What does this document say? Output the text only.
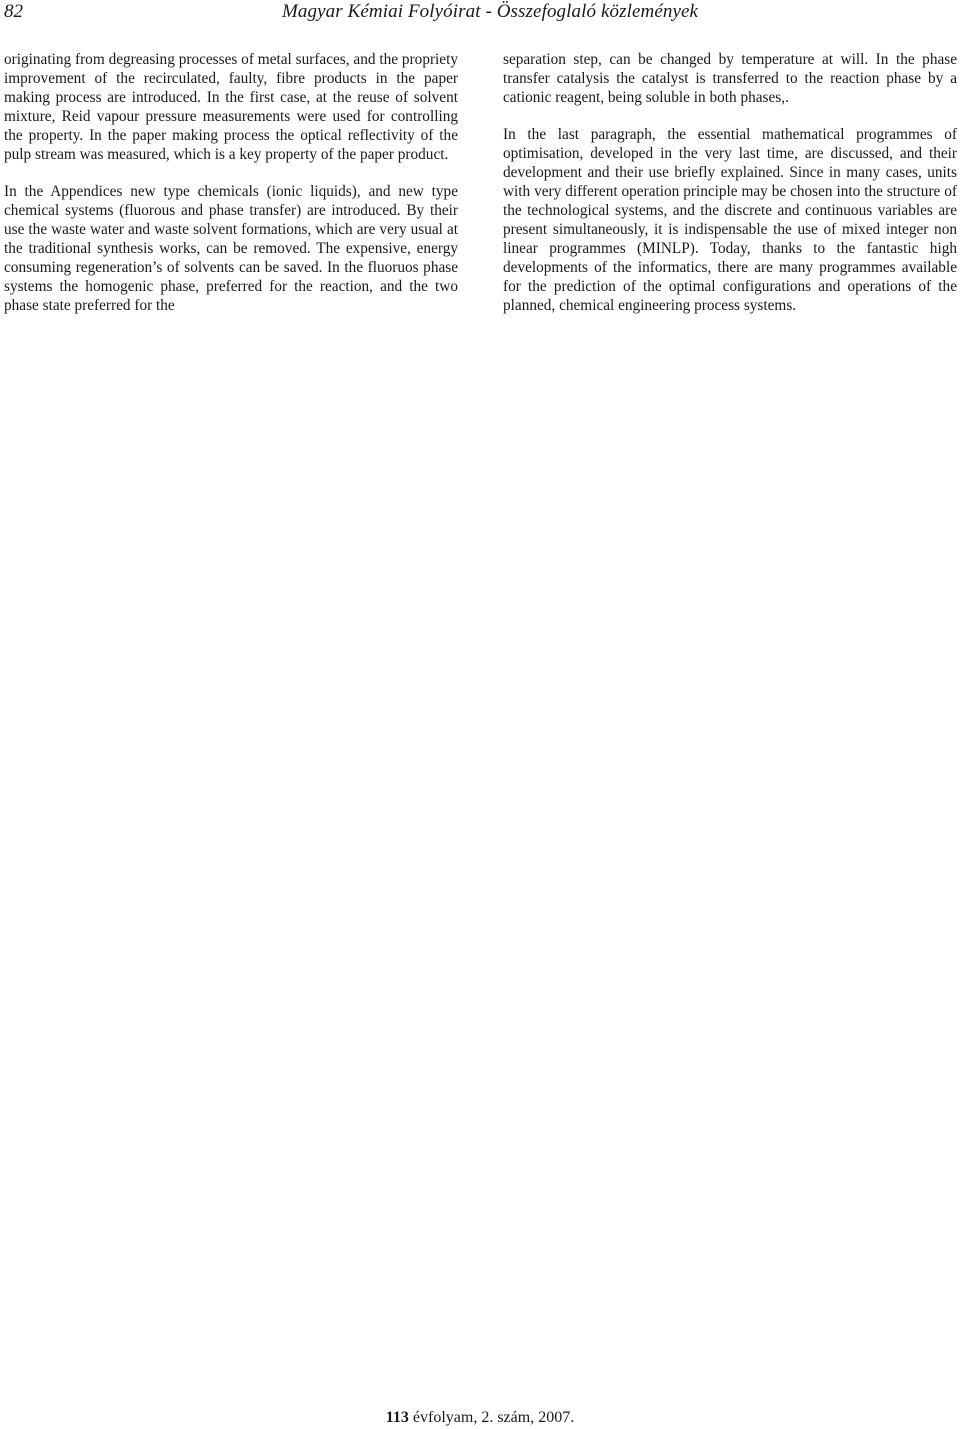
82	Magyar Kémiai Folyóirat - Összefoglaló közlemények

originating from degreasing processes of metal surfaces, and the propriety improvement of the recirculated, faulty, fibre products in the paper making process are introduced. In the first case, at the reuse of solvent mixture, Reid vapour pressure measurements were used for controlling the property. In the paper making process the optical reflectivity of the pulp stream was measured, which is a key property of the paper product.

In the Appendices new type chemicals (ionic liquids), and new type chemical systems (fluorous and phase transfer) are introduced. By their use the waste water and waste solvent formations, which are very usual at the traditional synthesis works, can be removed. The expensive, energy consuming regeneration’s of solvents can be saved. In the fluoruos phase systems the homogenic phase, preferred for the reaction, and the two phase state preferred for the

separation step, can be changed by temperature at will. In the phase transfer catalysis the catalyst is transferred to the reaction phase by a cationic reagent, being soluble in both phases,.

In the last paragraph, the essential mathematical programmes of optimisation, developed in the very last time, are discussed, and their development and their use briefly explained. Since in many cases, units with very different operation principle may be chosen into the structure of the technological systems, and the discrete and continuous variables are present simultaneously, it is indispensable the use of mixed integer non linear programmes (MINLP). Today, thanks to the fantastic high developments of the informatics, there are many programmes available for the prediction of the optimal configurations and operations of the planned, chemical engineering process systems.

113 évfolyam, 2. szám, 2007.
